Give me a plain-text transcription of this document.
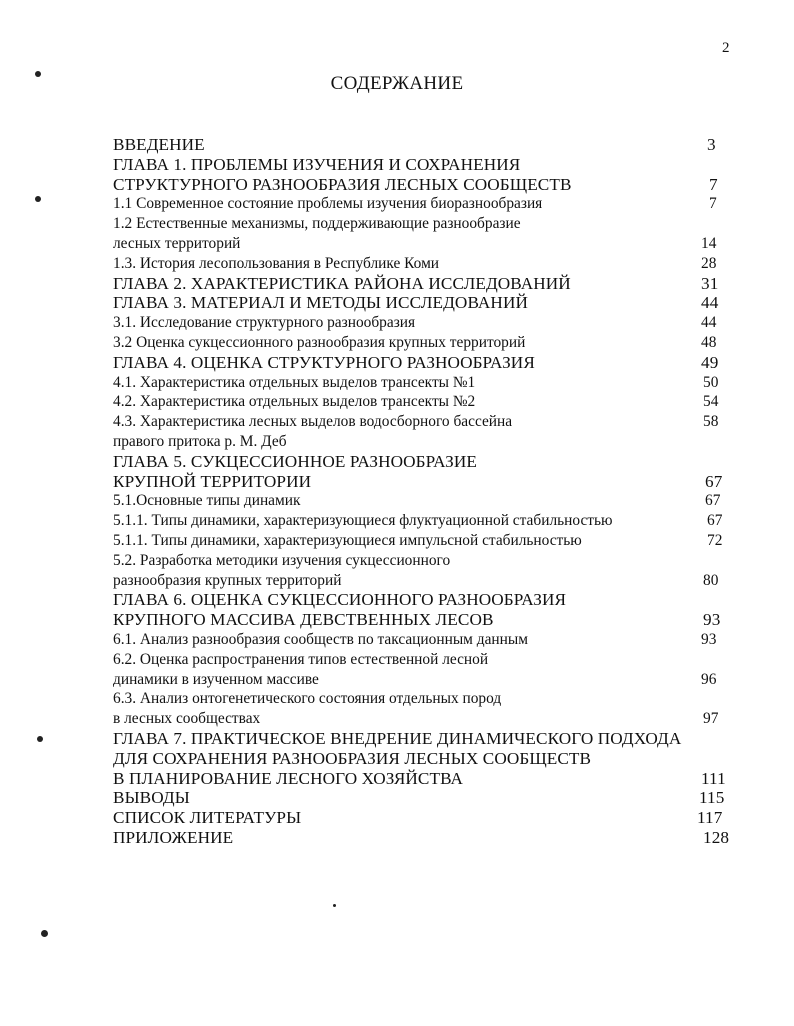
2
СОДЕРЖАНИЕ
ВВЕДЕНИЕ	3
ГЛАВА 1. ПРОБЛЕМЫ ИЗУЧЕНИЯ И СОХРАНЕНИЯ
СТРУКТУРНОГО РАЗНООБРАЗИЯ ЛЕСНЫХ СООБЩЕСТВ	7
1.1 Современное состояние проблемы изучения биоразнообразия	7
1.2 Естественные механизмы, поддерживающие разнообразие
лесных территорий	14
1.3. История лесопользования в Республике Коми	28
ГЛАВА 2. ХАРАКТЕРИСТИКА РАЙОНА ИССЛЕДОВАНИЙ	31
ГЛАВА 3. МАТЕРИАЛ И МЕТОДЫ ИССЛЕДОВАНИЙ	44
3.1. Исследование структурного разнообразия	44
3.2 Оценка сукцессионного разнообразия крупных территорий	48
ГЛАВА 4. ОЦЕНКА СТРУКТУРНОГО РАЗНООБРАЗИЯ	49
4.1. Характеристика отдельных выделов трансекты №1	50
4.2. Характеристика отдельных выделов трансекты №2	54
4.3. Характеристика лесных выделов водосборного бассейна	58
правого притока р. М. Деб
ГЛАВА 5. СУКЦЕССИОННОЕ РАЗНООБРАЗИЕ
КРУПНОЙ ТЕРРИТОРИИ	67
5.1.Основные типы динамик	67
5.1.1. Типы динамики, характеризующиеся флуктуационной стабильностью	67
5.1.1. Типы динамики, характеризующиеся импульсной стабильностью	72
5.2. Разработка методики изучения сукцессионного
разнообразия крупных территорий	80
ГЛАВА 6. ОЦЕНКА СУКЦЕССИОННОГО РАЗНООБРАЗИЯ
КРУПНОГО МАССИВА ДЕВСТВЕННЫХ ЛЕСОВ	93
6.1. Анализ разнообразия сообществ по таксационным данным	93
6.2. Оценка распространения типов естественной лесной
динамики в изученном массиве	96
6.3. Анализ онтогенетического состояния отдельных пород
в лесных сообществах	97
ГЛАВА 7. ПРАКТИЧЕСКОЕ ВНЕДРЕНИЕ ДИНАМИЧЕСКОГО ПОДХОДА
ДЛЯ СОХРАНЕНИЯ РАЗНООБРАЗИЯ ЛЕСНЫХ СООБЩЕСТВ
В ПЛАНИРОВАНИЕ ЛЕСНОГО ХОЗЯЙСТВА	111
ВЫВОДЫ	115
СПИСОК ЛИТЕРАТУРЫ	117
ПРИЛОЖЕНИЕ	128
